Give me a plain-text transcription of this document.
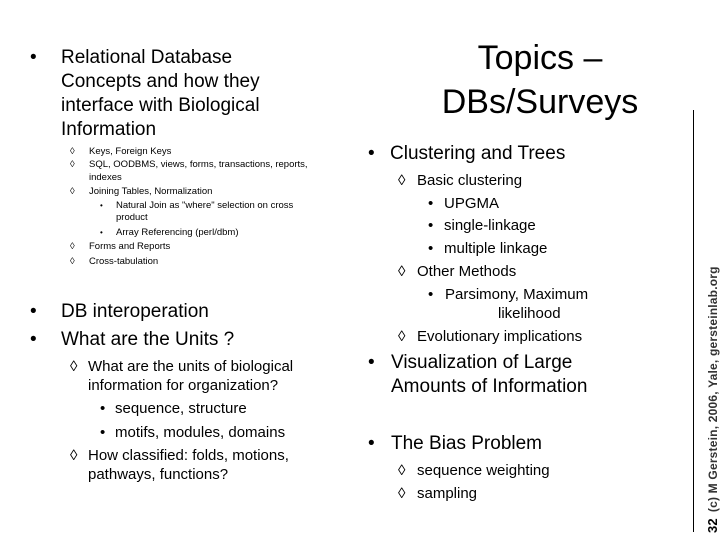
Topics –
DBs/Surveys
• Relational Database
Concepts and how they
interface with Biological
Information
◊ Keys, Foreign Keys
◊ SQL, OODBMS, views, forms, transactions, reports,
indexes
◊ Joining Tables, Normalization
• Natural Join as "where" selection on cross
product
• Array Referencing (perl/dbm)
◊ Forms and Reports
◊ Cross-tabulation
• DB interoperation
• What are the Units ?
◊ What are the units of biological
information for organization?
• sequence, structure
• motifs, modules, domains
◊ How classified: folds, motions,
pathways, functions?
• Clustering and Trees
◊ Basic clustering
• UPGMA
• single-linkage
• multiple linkage
◊ Other Methods
• Parsimony, Maximum
likelihood
◊ Evolutionary implications
• Visualization of Large
Amounts of Information
• The Bias Problem
◊ sequence weighting
◊ sampling
32(c) M Gerstein, 2006, Yale, gersteinlab.org
